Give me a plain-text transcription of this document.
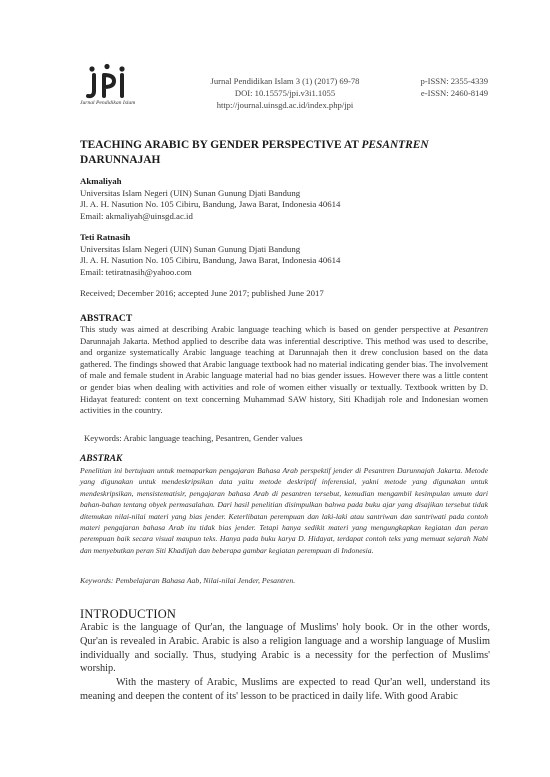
Jurnal Pendidikan Islam
Jurnal Pendidikan Islam 3 (1) (2017) 69-78
DOI: 10.15575/jpi.v3i1.1055
http://journal.uinsgd.ac.id/index.php/jpi
p-ISSN: 2355-4339
e-ISSN: 2460-8149
TEACHING ARABIC BY GENDER PERSPECTIVE AT PESANTREN
DARUNNAJAH
Akmaliyah
Universitas Islam Negeri (UIN) Sunan Gunung Djati Bandung
Jl. A. H. Nasution No. 105 Cibiru, Bandung, Jawa Barat, Indonesia 40614
Email: akmaliyah@uinsgd.ac.id
Teti Ratnasih
Universitas Islam Negeri (UIN) Sunan Gunung Djati Bandung
Jl. A. H. Nasution No. 105 Cibiru, Bandung, Jawa Barat, Indonesia 40614
Email: tetiratnasih@yahoo.com
Received; December 2016; accepted June 2017; published June 2017
ABSTRACT
This study was aimed at describing Arabic language teaching which is based on gender perspective at Pesantren Darunnajah Jakarta. Method applied to describe data was inferential descriptive. This method was used to describe, and organize systematically Arabic language teaching at Darunnajah then it drew conclusion based on the data gathered. The findings showed that Arabic language textbook had no material indicating gender bias. The involvement of male and female student in Arabic language material had no bias gender issues. However there was a little content or gender bias when dealing with activities and role of women either visually or textually. Textbook written by D. Hidayat featured: content on text concerning Muhammad SAW history, Siti Khadijah role and Indonesian women activities in the country.
Keywords: Arabic language teaching, Pesantren, Gender values
ABSTRAK
Penelitian ini bertujuan untuk memaparkan pengajaran Bahasa Arab perspektif jender di Pesantren Darunnajah Jakarta. Metode yang digunakan untuk mendeskripsikan data yaitu metode deskriptif inferensial, yakni metode yang digunakan untuk mendeskripsikan, mensistematisir, pengajaran bahasa Arab di pesantren tersebut, kemudian mengambil kesimpulan umum dari bahan-bahan tentang obyek permasalahan. Dari hasil penelitian disimpulkan bahwa pada buku ajar yang disajikan tersebut tidak ditemukan nilai-nilai materi yang bias jender. Keterlibatan perempuan dan laki-laki atau santriwan dan santriwati pada contoh materi pengajaran bahasa Arab itu tidak bias jender. Tetapi hanya sedikit materi yang mengungkapkan kegiatan dan peran perempuan baik secara visual maupun teks. Hanya pada buku karya D. Hidayat, terdapat contoh teks yang memuat sejarah Nabi dan menyebutkan peran Siti Khadijah dan beberapa gambar kegiatan perempuan di Indonesia.
Keywords: Pembelajaran Bahasa Aab, Nilai-nilai Jender, Pesantren.
INTRODUCTION
Arabic is the language of Qur'an, the language of Muslims' holy book. Or in the other words, Qur'an is revealed in Arabic. Arabic is also a religion language and a worship language of Muslim individually and socially. Thus, studying Arabic is a necessity for the perfection of Muslims' worship.
With the mastery of Arabic, Muslims are expected to read Qur'an well, understand its meaning and deepen the content of its' lesson to be practiced in daily life. With good Arabic
